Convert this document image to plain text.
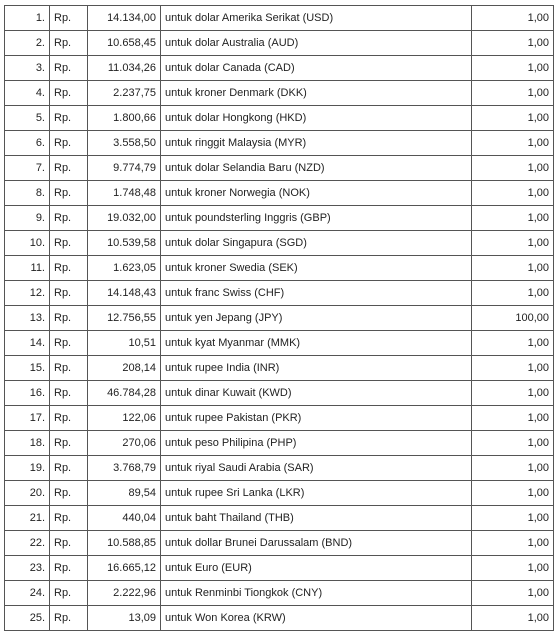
1.	Rp.	14.134,00	untuk dolar Amerika Serikat (USD)	1,00
2.	Rp.	10.658,45	untuk dolar Australia (AUD)	1,00
3.	Rp.	11.034,26	untuk dolar Canada (CAD)	1,00
4.	Rp.	2.237,75	untuk kroner Denmark (DKK)	1,00
5.	Rp.	1.800,66	untuk dolar Hongkong (HKD)	1,00
6.	Rp.	3.558,50	untuk ringgit Malaysia (MYR)	1,00
7.	Rp.	9.774,79	untuk dolar Selandia Baru (NZD)	1,00
8.	Rp.	1.748,48	untuk kroner Norwegia (NOK)	1,00
9.	Rp.	19.032,00	untuk poundsterling Inggris (GBP)	1,00
10.	Rp.	10.539,58	untuk dolar Singapura (SGD)	1,00
11.	Rp.	1.623,05	untuk kroner Swedia (SEK)	1,00
12.	Rp.	14.148,43	untuk franc Swiss (CHF)	1,00
13.	Rp.	12.756,55	untuk yen Jepang (JPY)	100,00
14.	Rp.	10,51	untuk kyat Myanmar (MMK)	1,00
15.	Rp.	208,14	untuk rupee India (INR)	1,00
16.	Rp.	46.784,28	untuk dinar Kuwait (KWD)	1,00
17.	Rp.	122,06	untuk rupee Pakistan (PKR)	1,00
18.	Rp.	270,06	untuk peso Philipina (PHP)	1,00
19.	Rp.	3.768,79	untuk riyal Saudi Arabia (SAR)	1,00
20.	Rp.	89,54	untuk rupee Sri Lanka (LKR)	1,00
21.	Rp.	440,04	untuk baht Thailand (THB)	1,00
22.	Rp.	10.588,85	untuk dollar Brunei Darussalam (BND)	1,00
23.	Rp.	16.665,12	untuk Euro (EUR)	1,00
24.	Rp.	2.222,96	untuk Renminbi Tiongkok (CNY)	1,00
25.	Rp.	13,09	untuk Won Korea (KRW)	1,00
